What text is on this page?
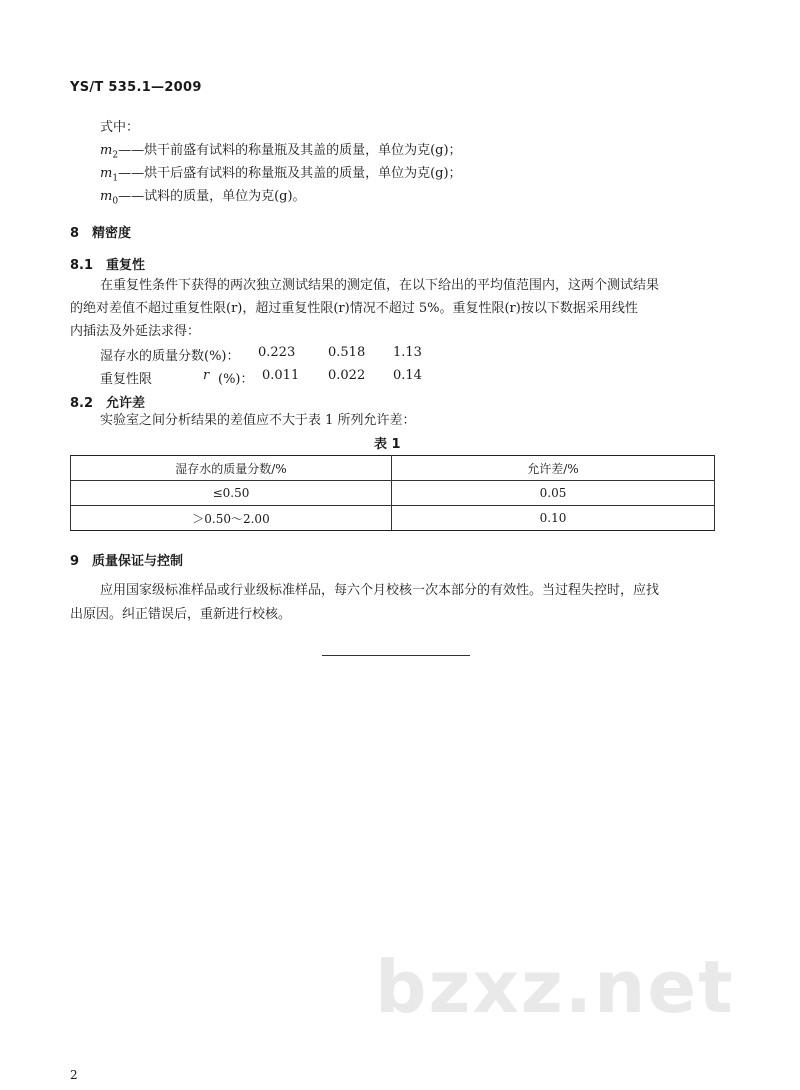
YS/T 535.1—2009
式中：
$m_2——$烘干前盛有试料的称量瓶及其盖的质量，单位为克(g)；
$m_1——$烘干后盛有试料的称量瓶及其盖的质量，单位为克(g)；
$m_0——$试料的质量，单位为克(g)。
8　精密度
8.1　重复性
在重复性条件下获得的两次独立测试结果的测定值，在以下给出的平均值范围内，这两个测试结果
的绝对差值不超过重复性限(r)，超过重复性限(r)情况不超过 5%。重复性限(r)按以下数据采用线性
内插法及外延法求得：
湿存水的质量分数(%)： 0.223	0.518 1.13
重复性限	r (%)： 0.011 0.022 0.14
8.2　允许差
实验室之间分析结果的差值应不大于表 1 所列允许差：
表 1
湿存水的质量分数/%	允许差/%
≤0.50	0.05
＞0.50～2.00	0.10
9　质量保证与控制
应用国家级标准样品或行业级标准样品，每六个月校核一次本部分的有效性。当过程失控时，应找
出原因。纠正错误后，重新进行校核。
bzxz.net
2
